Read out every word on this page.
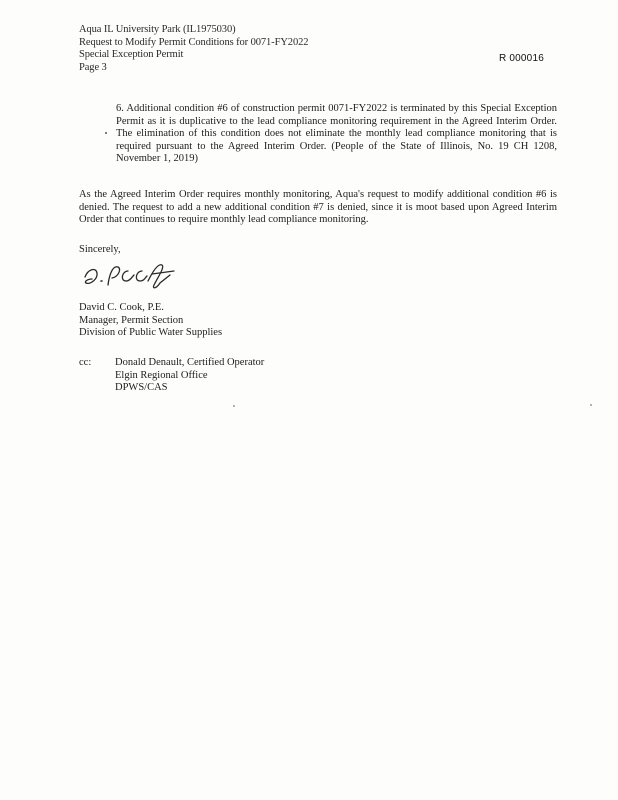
Aqua IL University Park (IL1975030)
Request to Modify Permit Conditions for 0071-FY2022
Special Exception Permit
Page 3
R 000016
6. Additional condition #6 of construction permit 0071-FY2022 is terminated by this Special Exception Permit as it is duplicative to the lead compliance monitoring requirement in the Agreed Interim Order. The elimination of this condition does not eliminate the monthly lead compliance monitoring that is required pursuant to the Agreed Interim Order. (People of the State of Illinois, No. 19 CH 1208, November 1, 2019)
As the Agreed Interim Order requires monthly monitoring, Aqua's request to modify additional condition #6 is denied. The request to add a new additional condition #7 is denied, since it is moot based upon Agreed Interim Order that continues to require monthly lead compliance monitoring.
Sincerely,
David C. Cook, P.E.
Manager, Permit Section
Division of Public Water Supplies
cc: Donald Denault, Certified Operator
Elgin Regional Office
DPWS/CAS
